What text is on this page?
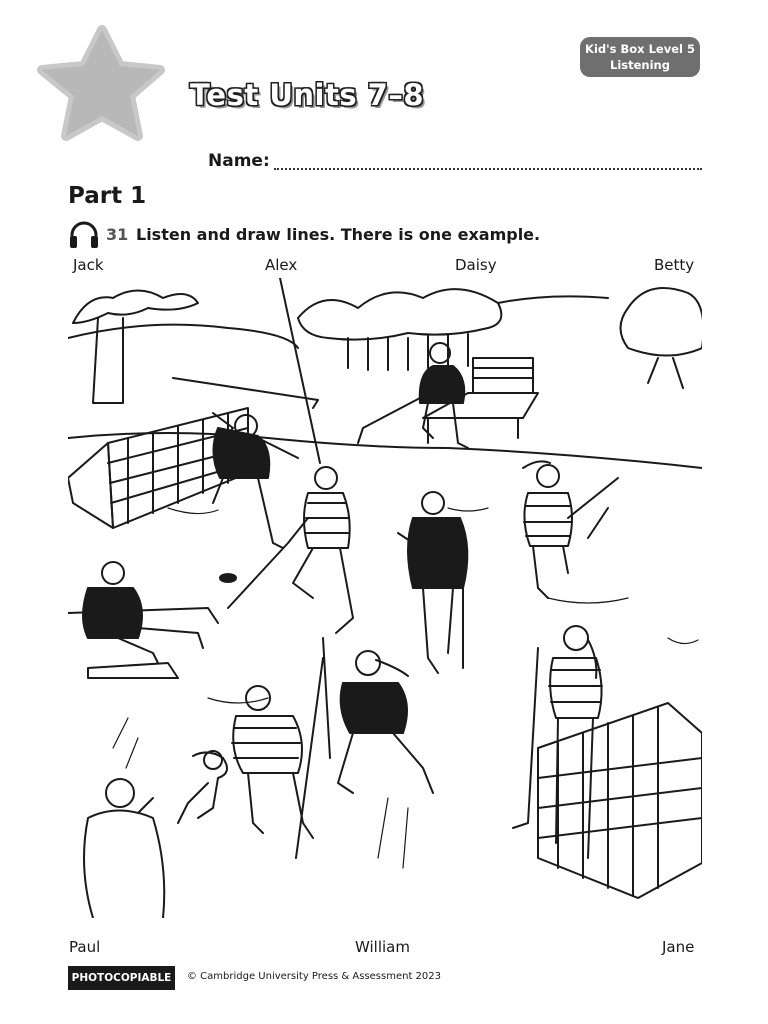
Kid's Box Level 5
Listening
Test Units 7–8
Name:
Part 1
31 Listen and draw lines. There is one example.
Jack	Alex	Daisy	Betty
Paul	William	Jane
PHOTOCOPIABLE	© Cambridge University Press & Assessment 2023
